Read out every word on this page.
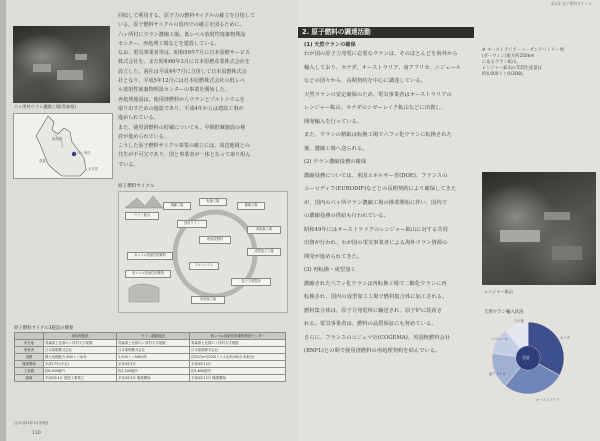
六ヶ所村ウラン濃縮工場(青森県)
陸奥湾
六ヶ所村
太平洋
青森
回収して利用する、原子力の燃料サイクルの確立を目指して
いる。原子燃料サイクルの国内での確立を図るために、
六ヶ所村にウラン濃縮工場、低レベル放射性廃棄物埋設
センター、再処理工場などを建設している。
なお、電気事業者等は、昭和59年7月に日本原燃サービス
株式会社を、また昭和60年3月に日本原燃産業株式会社を
設立した。両社は平成4年7月に合併して日本原燃株式会
社となり、平成5年12月には日本原燃株式会社の低レベ
ル放射性廃棄物埋設センターの事業を開始した。
再処理施設は、使用済燃料からウランとプルトニウムを
取り出すための施設であり、平成4年からは建設工事が
進められている。
また、使用済燃料の貯蔵についても、中間貯蔵施設の検
討が進められている。
こうした原子燃料サイクル事業の確立には、周辺地域との
共生が不可欠であり、国と事業者が一体となって取り組ん
でいる。
原子燃料サイクル
ウラン鉱山
製錬工場
転換工場
濃縮工場
再転換工場
成型加工工場
原子力発電所
再処理工場
使用済燃料
高レベル放射性廃棄物
低レベル放射性廃棄物
回収ウラン
プルトニウム
原子燃料サイクル3施設の概要
	再処理施設	ウラン濃縮施設	低レベル放射性廃棄物埋設センター
所在地	青森県上北郡六ヶ所村大字尾駮	青森県上北郡六ヶ所村大字尾駮	青森県上北郡六ヶ所村大字尾駮
事業者	日本原燃株式会社	日本原燃株式会社	日本原燃株式会社
規模	最大処理能力 800トンU/年	1,500トンSWU/年	約20万m³(200ℓドラム缶約100万本相当)
操業開始	平成17年(予定)	平成4年3月	平成4年12月
工事費	約8,400億円	約2,500億円	約1,600億円
経緯	平成5年4月 建設工事着工	平成4年3月 操業開始	平成4年12月 操業開始
注)平成15年3月末現在
130
第4章 原子燃料サイクル
2. 原子燃料の調達活動
(1) 天然ウランの確保
わが国の原子力発電に必要なウランは、そのほとんどを海外から
輸入しており、カナダ、オーストラリア、南アフリカ、ニジェール
などの国々から、長期契約を中心に調達している。
天然ウランの安定確保のため、電気事業者はオーストラリアの
レンジャー鉱山、カナダのシガーレイク鉱山などに出資し、
開発輸入を行っている。
また、ウランの精鉱は転換工場で六フッ化ウランに転換された
後、濃縮工場へ送られる。
(2) ウラン濃縮役務の確保
濃縮役務については、米国エネルギー省(DOE)、フランスの
ユーロディフ(EURODIF)などとの長期契約により確保してきた
が、国内の六ヶ所ウラン濃縮工場の操業開始に伴い、国内で
の濃縮役務の供給も行われている。
昭和49年にはオーストラリアのレンジャー鉱山に対する共同
出資が行われ、わが国の電気事業者による海外ウラン資源の
開発が進められてきた。
(3) 再転換・成型加工
濃縮された六フッ化ウランは再転換工場で二酸化ウランに再
転換され、国内の成型加工工場で燃料集合体に加工される。
燃料集合体は、原子力発電所に輸送され、原子炉に装荷さ
れる。電気事業者は、燃料の品質保証にも努めている。
さらに、フランスのコジェマ社(COGEMA)、英国核燃料会社
(BNFL)との間で使用済燃料の再処理契約を結んでいる。
※ オーストラリア・ノーザンテリトリー州
(ダーウィン)東方約250km
にあるウラン鉱山。
レンジャー鉱山の年間生産量は
約4,000トン(U3O8)。
レンジャー鉱山
天然ウラン輸入状況
合計
カナダ
オーストラリア
南アフリカ
ニジェール
その他
